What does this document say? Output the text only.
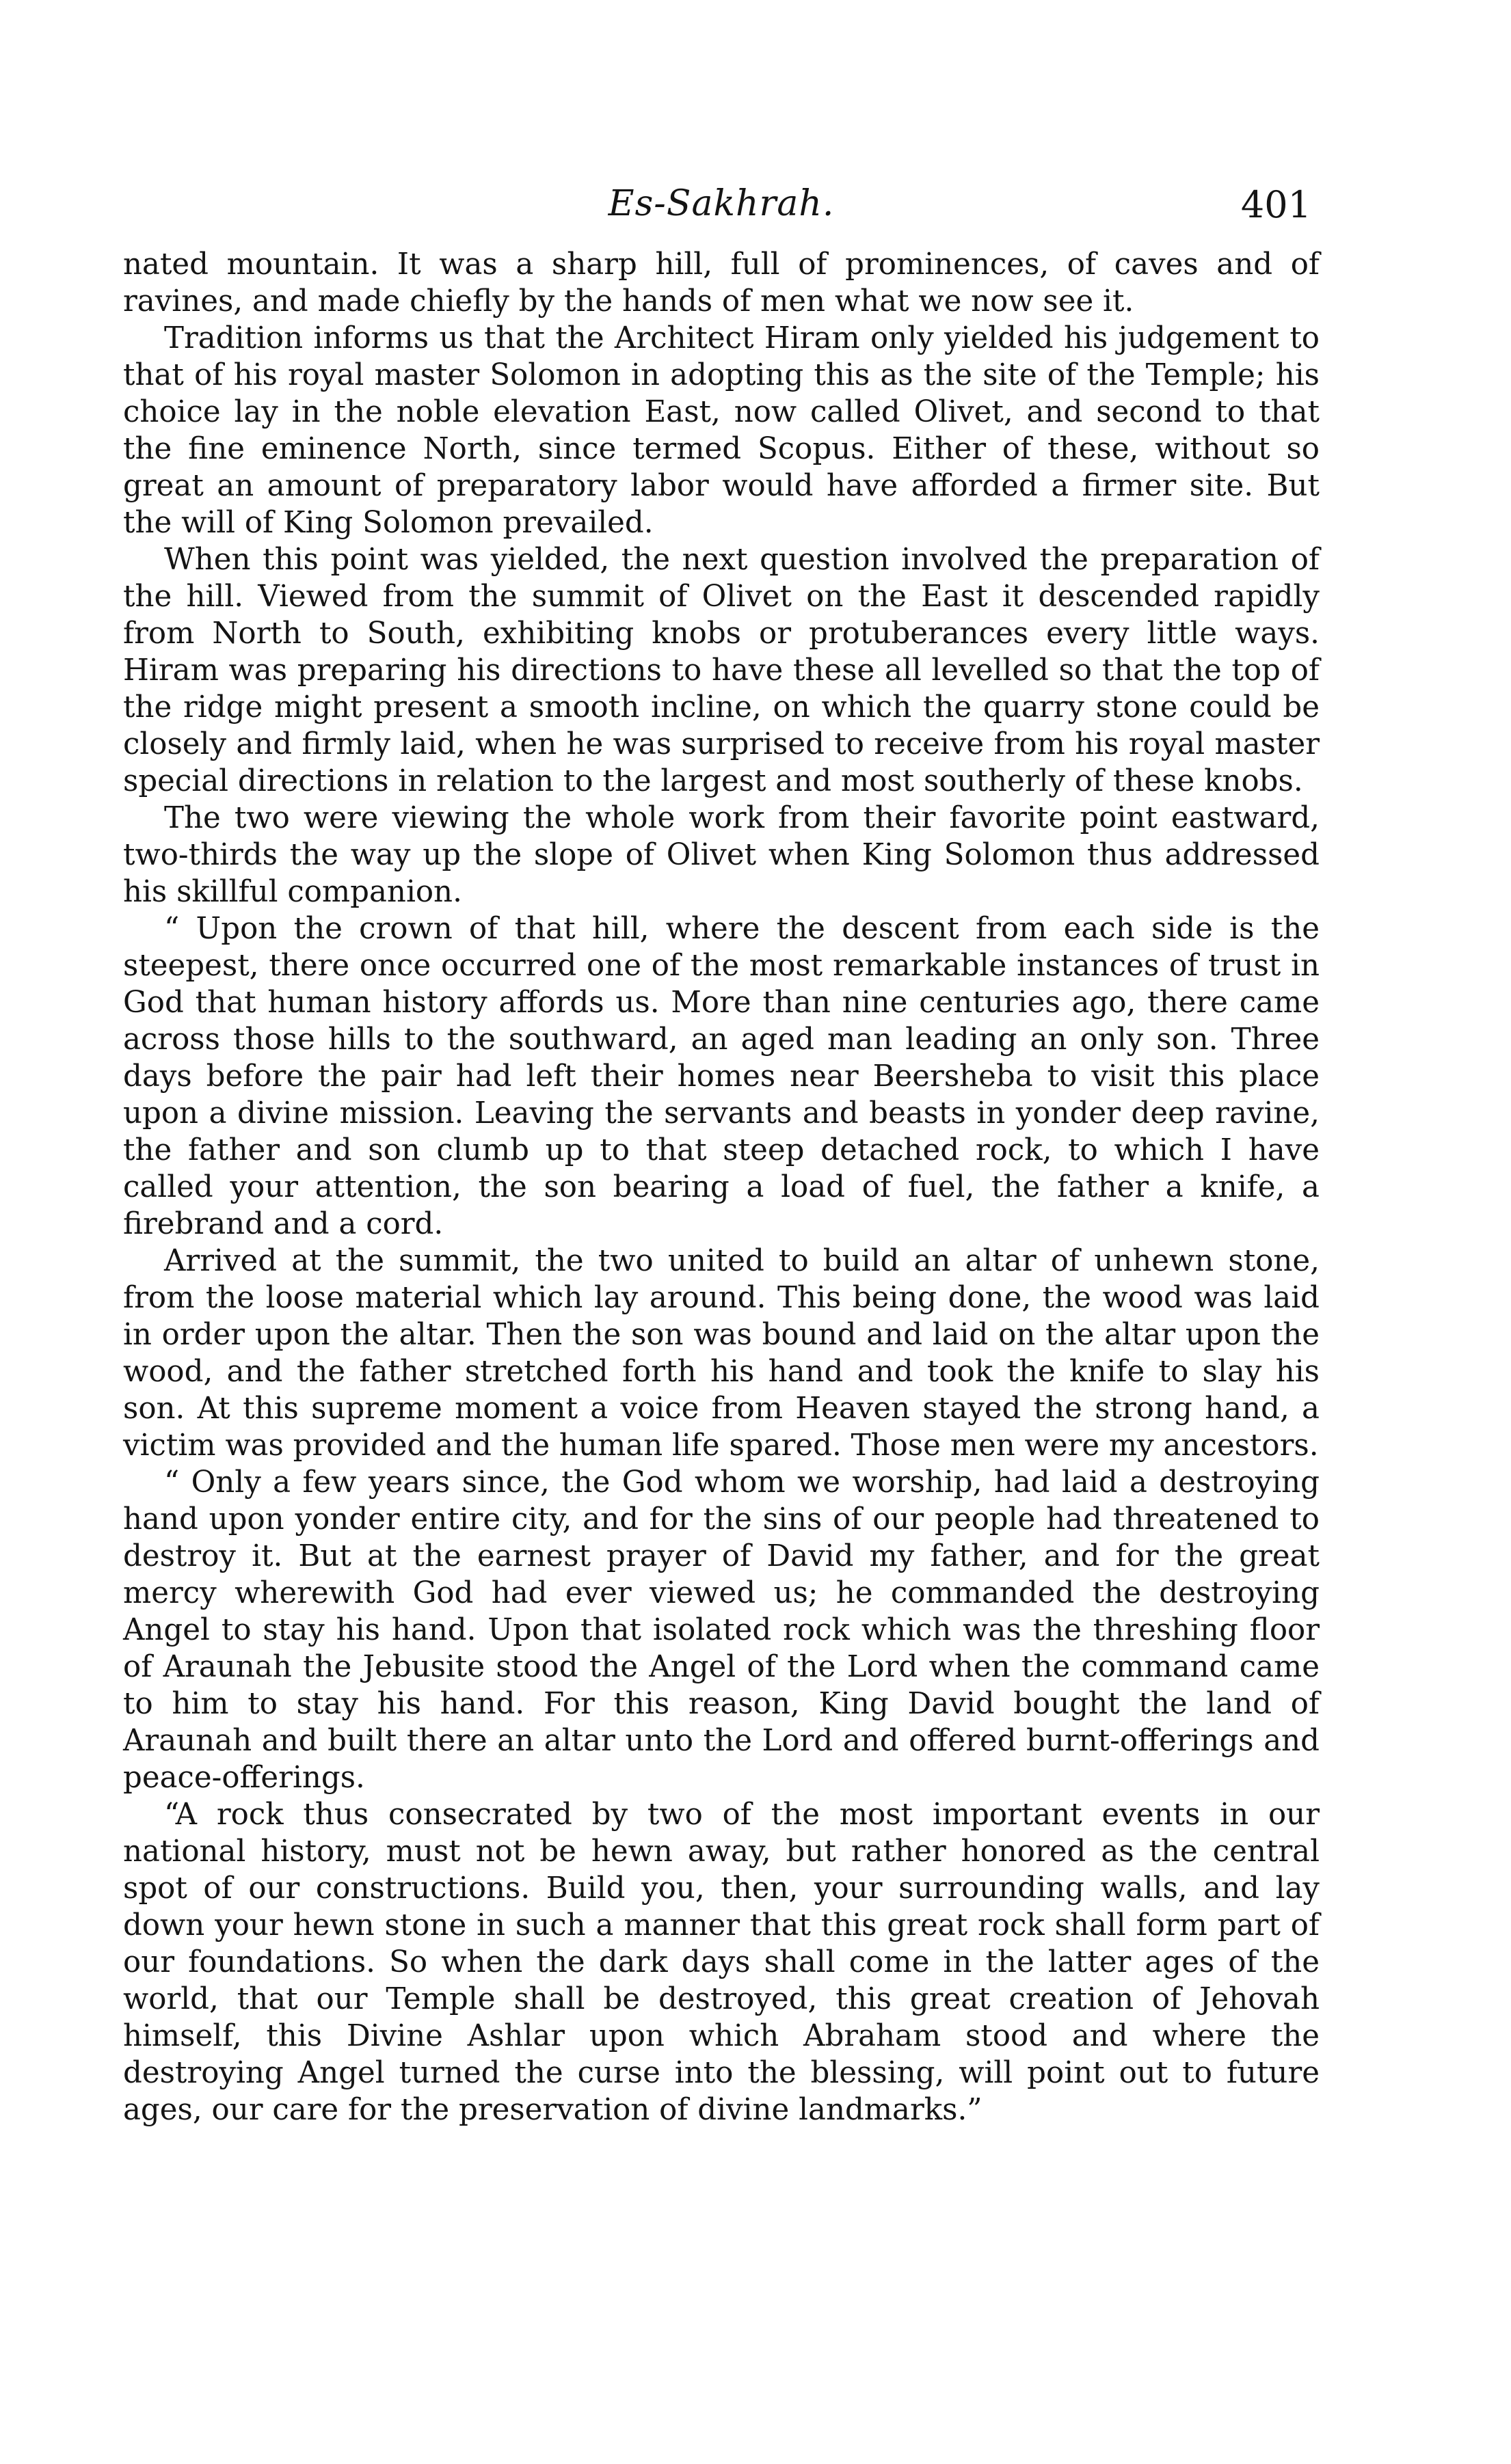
Es-Sakhrah.	401

nated mountain. It was a sharp hill, full of prominences, of caves and of ravines, and made chiefly by the hands of men what we now see it.

Tradition informs us that the Architect Hiram only yielded his judgement to that of his royal master Solomon in adopting this as the site of the Temple; his choice lay in the noble elevation East, now called Olivet, and second to that the fine eminence North, since termed Scopus. Either of these, without so great an amount of preparatory labor would have afforded a firmer site. But the will of King Solomon prevailed.

When this point was yielded, the next question involved the preparation of the hill. Viewed from the summit of Olivet on the East it descended rapidly from North to South, exhibiting knobs or protuberances every little ways. Hiram was preparing his directions to have these all levelled so that the top of the ridge might present a smooth incline, on which the quarry stone could be closely and firmly laid, when he was surprised to receive from his royal master special directions in relation to the largest and most southerly of these knobs.

The two were viewing the whole work from their favorite point eastward, two-thirds the way up the slope of Olivet when King Solomon thus addressed his skillful companion.

“ Upon the crown of that hill, where the descent from each side is the steepest, there once occurred one of the most remarkable instances of trust in God that human history affords us. More than nine centuries ago, there came across those hills to the southward, an aged man leading an only son. Three days before the pair had left their homes near Beersheba to visit this place upon a divine mission. Leaving the servants and beasts in yonder deep ravine, the father and son clumb up to that steep detached rock, to which I have called your attention, the son bearing a load of fuel, the father a knife, a firebrand and a cord.

Arrived at the summit, the two united to build an altar of unhewn stone, from the loose material which lay around. This being done, the wood was laid in order upon the altar. Then the son was bound and laid on the altar upon the wood, and the father stretched forth his hand and took the knife to slay his son. At this supreme moment a voice from Heaven stayed the strong hand, a victim was provided and the human life spared. Those men were my ancestors.

“ Only a few years since, the God whom we worship, had laid a destroying hand upon yonder entire city, and for the sins of our people had threatened to destroy it. But at the earnest prayer of David my father, and for the great mercy wherewith God had ever viewed us; he commanded the destroying Angel to stay his hand. Upon that isolated rock which was the threshing floor of Araunah the Jebusite stood the Angel of the Lord when the command came to him to stay his hand. For this reason, King David bought the land of Araunah and built there an altar unto the Lord and offered burnt-offerings and peace-offerings.

“A rock thus consecrated by two of the most important events in our national history, must not be hewn away, but rather honored as the central spot of our constructions. Build you, then, your surrounding walls, and lay down your hewn stone in such a manner that this great rock shall form part of our foundations. So when the dark days shall come in the latter ages of the world, that our Temple shall be destroyed, this great creation of Jehovah himself, this Divine Ashlar upon which Abraham stood and where the destroying Angel turned the curse into the blessing, will point out to future ages, our care for the preservation of divine landmarks.”
